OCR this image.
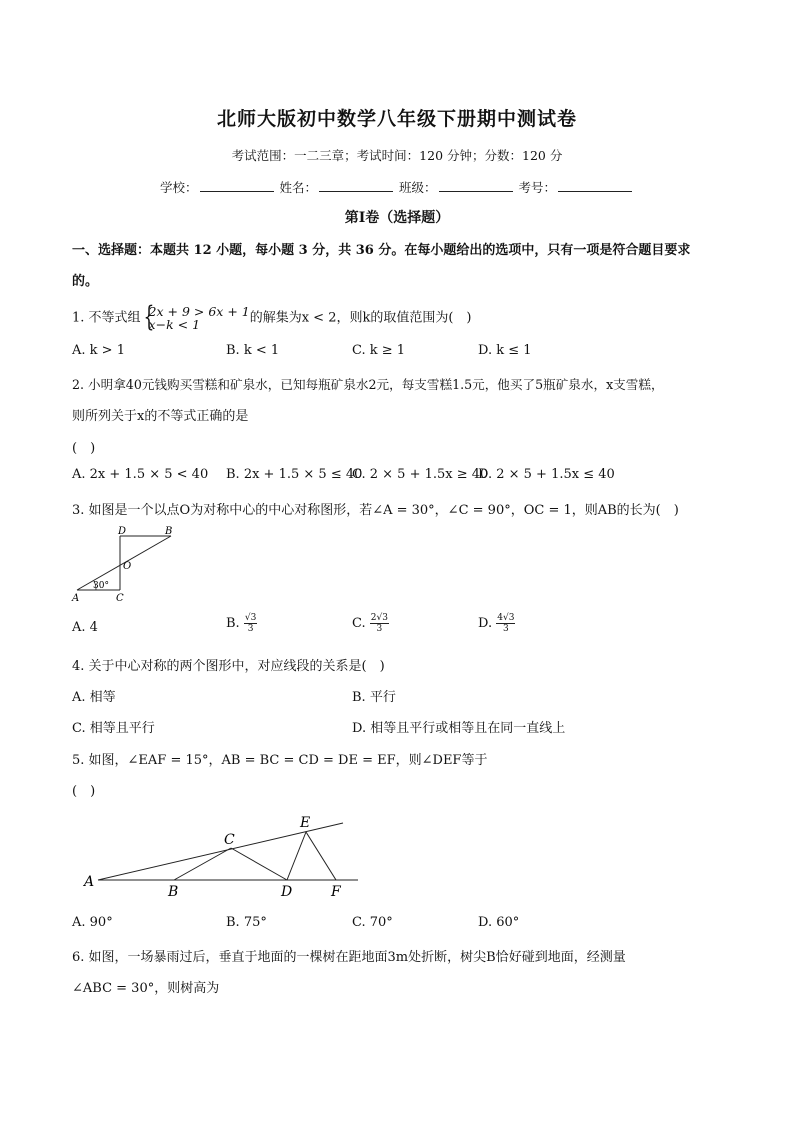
北师大版初中数学八年级下册期中测试卷
考试范围：一二三章；考试时间：120 分钟；分数：120 分
学校：	姓名：	班级：	考号：
第Ⅰ卷（选择题）
一、选择题：本题共 12 小题，每小题 3 分，共 36 分。在每小题给出的选项中，只有一项是符合题目要求
的。
1. 不等式组 {
2x + 9 > 6x + 1
x−k < 1	的解集为x < 2，则k的取值范围为(　)
A. k > 1	B. k < 1	C. k ≥ 1	D. k ≤ 1
2. 小明拿40元钱购买雪糕和矿泉水，已知每瓶矿泉水2元，每支雪糕1.5元，他买了5瓶矿泉水，x支雪糕，
则所列关于x的不等式正确的是
(　)
A. 2x + 1.5 × 5 < 40 B. 2x + 1.5 × 5 ≤ 40
C. 2 × 5 + 1.5x ≥ 40
D. 2 × 5 + 1.5x ≤ 40
3. 如图是一个以点O为对称中心的中心对称图形，若∠A = 30°，∠C = 90°，OC = 1，则AB的长为(　)
D	B
O
30°
A	C
A. 4	B. $\frac{√3}{3}$	C. $\frac{2√3}{3}$	D. $\frac{4√3}{3}$
4. 关于中心对称的两个图形中，对应线段的关系是(　)
A. 相等	B. 平行
C. 相等且平行	D. 相等且平行或相等且在同一直线上
5. 如图，∠EAF = 15°，AB = BC = CD = DE = EF，则∠DEF等于
(　)
A
B
C
D
E
F
A. 90°	B. 75°	C. 70°	D. 60°
6. 如图，一场暴雨过后，垂直于地面的一棵树在距地面3m处折断，树尖B恰好碰到地面，经测量
∠ABC = 30°，则树高为
